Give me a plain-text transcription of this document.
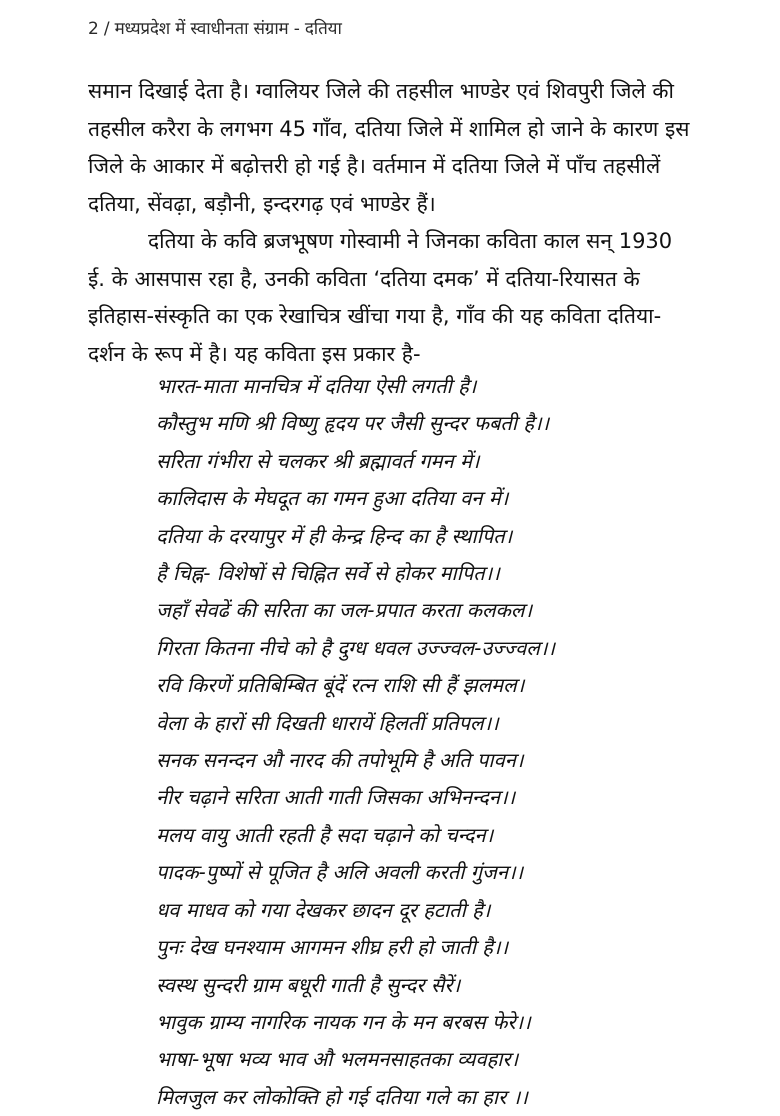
2 / मध्यप्रदेश में स्वाधीनता संग्राम - दतिया

समान दिखाई देता है। ग्वालियर जिले की तहसील भाण्डेर एवं शिवपुरी जिले की
तहसील करैरा के लगभग 45 गाँव, दतिया जिले में शामिल हो जाने के कारण इस
जिले के आकार में बढ़ोत्तरी हो गई है। वर्तमान में दतिया जिले में पाँच तहसीलें
दतिया, सेंवढ़ा, बड़ौनी, इन्दरगढ़ एवं भाण्डेर हैं।

दतिया के कवि ब्रजभूषण गोस्वामी ने जिनका कविता काल सन् 1930
ई. के आसपास रहा है, उनकी कविता ‘दतिया दमक’ में दतिया-रियासत के
इतिहास-संस्कृति का एक रेखाचित्र खींचा गया है, गाँव की यह कविता दतिया-
दर्शन के रूप में है। यह कविता इस प्रकार है-

भारत-माता मानचित्र में दतिया ऐसी लगती है।
कौस्तुभ मणि श्री विष्णु हृदय पर जैसी सुन्दर फबती है।।
सरिता गंभीरा से चलकर श्री ब्रह्मावर्त गमन में।
कालिदास के मेघदूत का गमन हुआ दतिया वन में।
दतिया के दरयापुर में ही केन्द्र हिन्द का है स्थापित।
है चिह्न- विशेषों से चिह्नित सर्वे से होकर मापित।।
जहाँ सेवढें की सरिता का जल-प्रपात करता कलकल।
गिरता कितना नीचे को है दुग्ध धवल उज्ज्वल-उज्ज्वल।।
रवि किरणें प्रतिबिम्बित बूंदें रत्न राशि सी हैं झलमल।
वेला के हारों सी दिखती धारायें हिलतीं प्रतिपल।।
सनक सनन्दन औ नारद की तपोभूमि है अति पावन।
नीर चढ़ाने सरिता आती गाती जिसका अभिनन्दन।।
मलय वायु आती रहती है सदा चढ़ाने को चन्दन।
पादक-पुष्पों से पूजित है अलि अवली करती गुंजन।।
धव माधव को गया देखकर छादन दूर हटाती है।
पुनः देख घनश्याम आगमन शीघ्र हरी हो जाती है।।
स्वस्थ सुन्दरी ग्राम बधूरी गाती है सुन्दर सैरें।
भावुक ग्राम्य नागरिक नायक गन के मन बरबस फेरे।।
भाषा-भूषा भव्य भाव औ भलमनसाहतका व्यवहार।
मिलजुल कर लोकोक्ति हो गई दतिया गले का हार ।।
